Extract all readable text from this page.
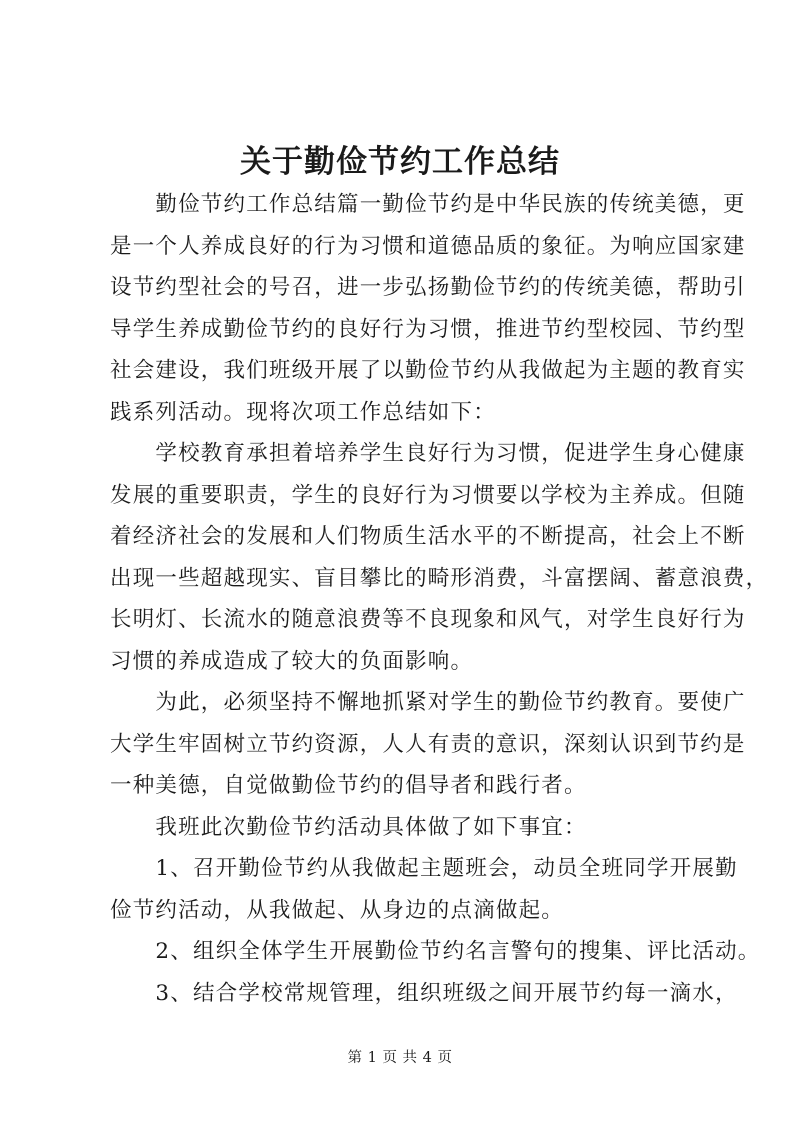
关于勤俭节约工作总结
　　勤俭节约工作总结篇一勤俭节约是中华民族的传统美德，更
是一个人养成良好的行为习惯和道德品质的象征。为响应国家建
设节约型社会的号召，进一步弘扬勤俭节约的传统美德，帮助引
导学生养成勤俭节约的良好行为习惯，推进节约型校园、节约型
社会建设，我们班级开展了以勤俭节约从我做起为主题的教育实
践系列活动。现将次项工作总结如下：
　　学校教育承担着培养学生良好行为习惯，促进学生身心健康
发展的重要职责，学生的良好行为习惯要以学校为主养成。但随
着经济社会的发展和人们物质生活水平的不断提高，社会上不断
出现一些超越现实、盲目攀比的畸形消费，斗富摆阔、蓄意浪费，
长明灯、长流水的随意浪费等不良现象和风气，对学生良好行为
习惯的养成造成了较大的负面影响。
　　为此，必须坚持不懈地抓紧对学生的勤俭节约教育。要使广
大学生牢固树立节约资源，人人有责的意识，深刻认识到节约是
一种美德，自觉做勤俭节约的倡导者和践行者。
　　我班此次勤俭节约活动具体做了如下事宜：
　　1、召开勤俭节约从我做起主题班会，动员全班同学开展勤
俭节约活动，从我做起、从身边的点滴做起。
　　2、组织全体学生开展勤俭节约名言警句的搜集、评比活动。
　　3、结合学校常规管理，组织班级之间开展节约每一滴水，
第 1 页 共 4 页
